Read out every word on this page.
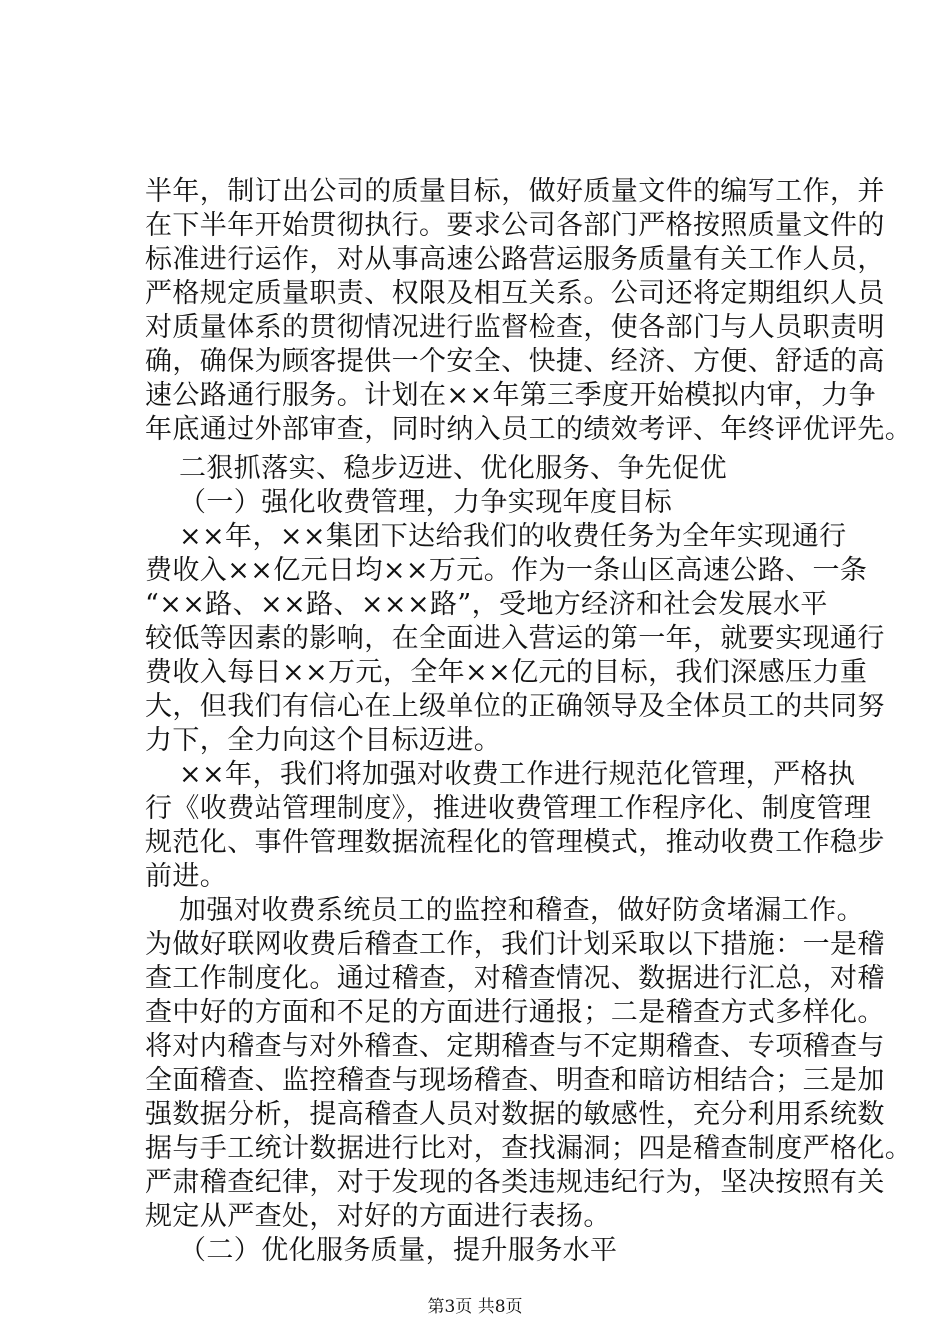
半年，制订出公司的质量目标，做好质量文件的编写工作，并
在下半年开始贯彻执行。要求公司各部门严格按照质量文件的
标准进行运作，对从事高速公路营运服务质量有关工作人员，
严格规定质量职责、权限及相互关系。公司还将定期组织人员
对质量体系的贯彻情况进行监督检查，使各部门与人员职责明
确，确保为顾客提供一个安全、快捷、经济、方便、舒适的高
速公路通行服务。计划在××年第三季度开始模拟内审，力争
年底通过外部审查，同时纳入员工的绩效考评、年终评优评先。
二狠抓落实、稳步迈进、优化服务、争先促优
（一）强化收费管理，力争实现年度目标
××年，××集团下达给我们的收费任务为全年实现通行
费收入××亿元日均××万元。作为一条山区高速公路、一条
“××路、××路、×××路”，受地方经济和社会发展水平
较低等因素的影响，在全面进入营运的第一年，就要实现通行
费收入每日××万元，全年××亿元的目标，我们深感压力重
大，但我们有信心在上级单位的正确领导及全体员工的共同努
力下，全力向这个目标迈进。
××年，我们将加强对收费工作进行规范化管理，严格执
行《收费站管理制度》，推进收费管理工作程序化、制度管理
规范化、事件管理数据流程化的管理模式，推动收费工作稳步
前进。
加强对收费系统员工的监控和稽查，做好防贪堵漏工作。
为做好联网收费后稽查工作，我们计划采取以下措施：一是稽
查工作制度化。通过稽查，对稽查情况、数据进行汇总，对稽
查中好的方面和不足的方面进行通报；二是稽查方式多样化。
将对内稽查与对外稽查、定期稽查与不定期稽查、专项稽查与
全面稽查、监控稽查与现场稽查、明查和暗访相结合；三是加
强数据分析，提高稽查人员对数据的敏感性，充分利用系统数
据与手工统计数据进行比对，查找漏洞；四是稽查制度严格化。
严肃稽查纪律，对于发现的各类违规违纪行为，坚决按照有关
规定从严查处，对好的方面进行表扬。
（二）优化服务质量，提升服务水平
第3页 共8页
